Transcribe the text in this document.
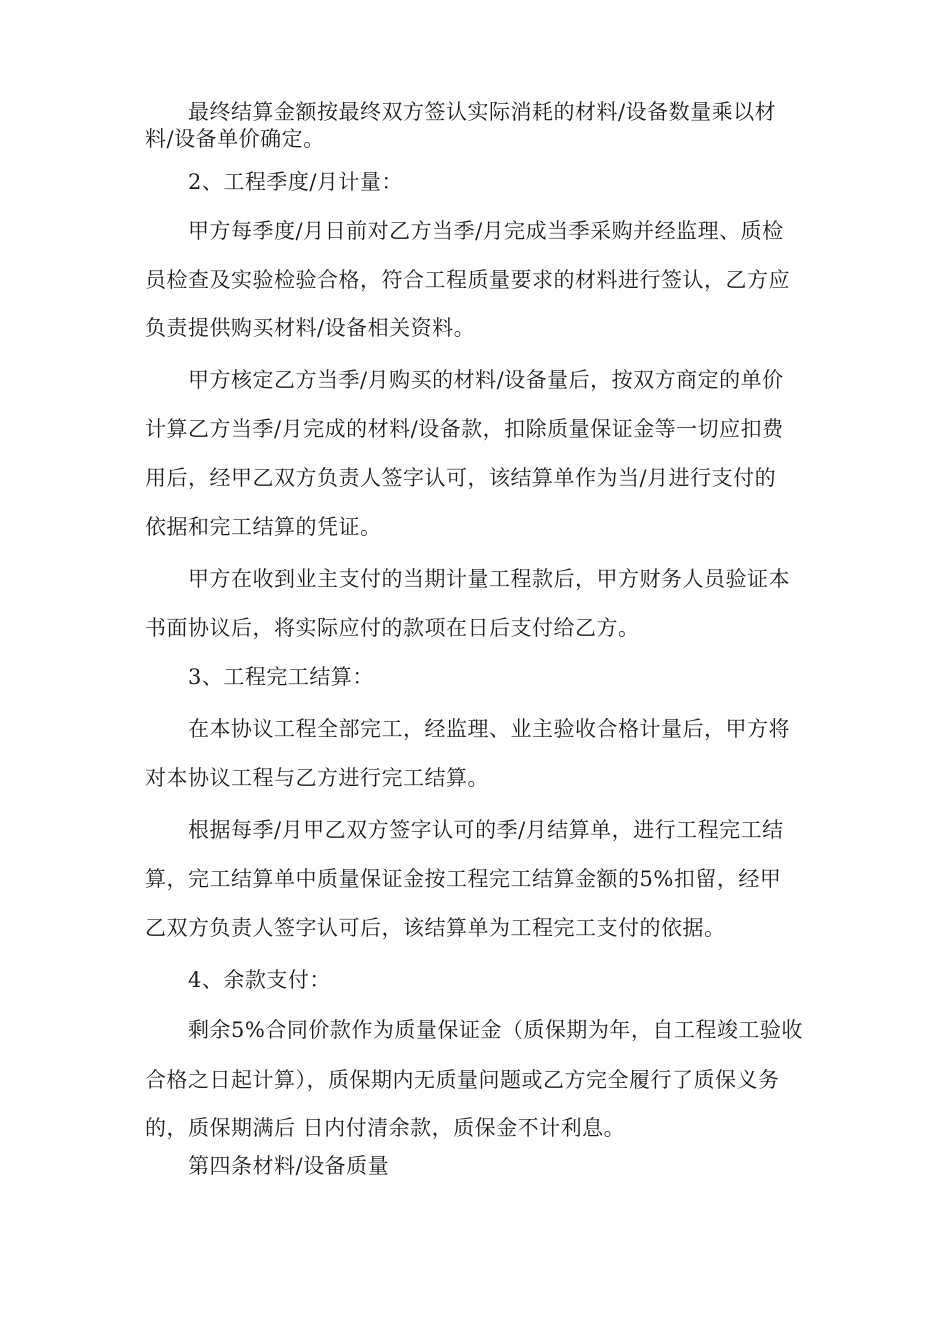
最终结算金额按最终双方签认实际消耗的材料/设备数量乘以材
料/设备单价确定。
2、工程季度/月计量：
甲方每季度/月日前对乙方当季/月完成当季采购并经监理、质检
员检查及实验检验合格，符合工程质量要求的材料进行签认，乙方应
负责提供购买材料/设备相关资料。
甲方核定乙方当季/月购买的材料/设备量后，按双方商定的单价
计算乙方当季/月完成的材料/设备款，扣除质量保证金等一切应扣费
用后，经甲乙双方负责人签字认可，该结算单作为当/月进行支付的
依据和完工结算的凭证。
甲方在收到业主支付的当期计量工程款后，甲方财务人员验证本
书面协议后，将实际应付的款项在日后支付给乙方。
3、工程完工结算：
在本协议工程全部完工，经监理、业主验收合格计量后，甲方将
对本协议工程与乙方进行完工结算。
根据每季/月甲乙双方签字认可的季/月结算单，进行工程完工结
算，完工结算单中质量保证金按工程完工结算金额的5%扣留，经甲
乙双方负责人签字认可后，该结算单为工程完工支付的依据。
4、余款支付：
剩余5%合同价款作为质量保证金（质保期为年，自工程竣工验收
合格之日起计算），质保期内无质量问题或乙方完全履行了质保义务
的，质保期满后 日内付清余款，质保金不计利息。
第四条材料/设备质量
